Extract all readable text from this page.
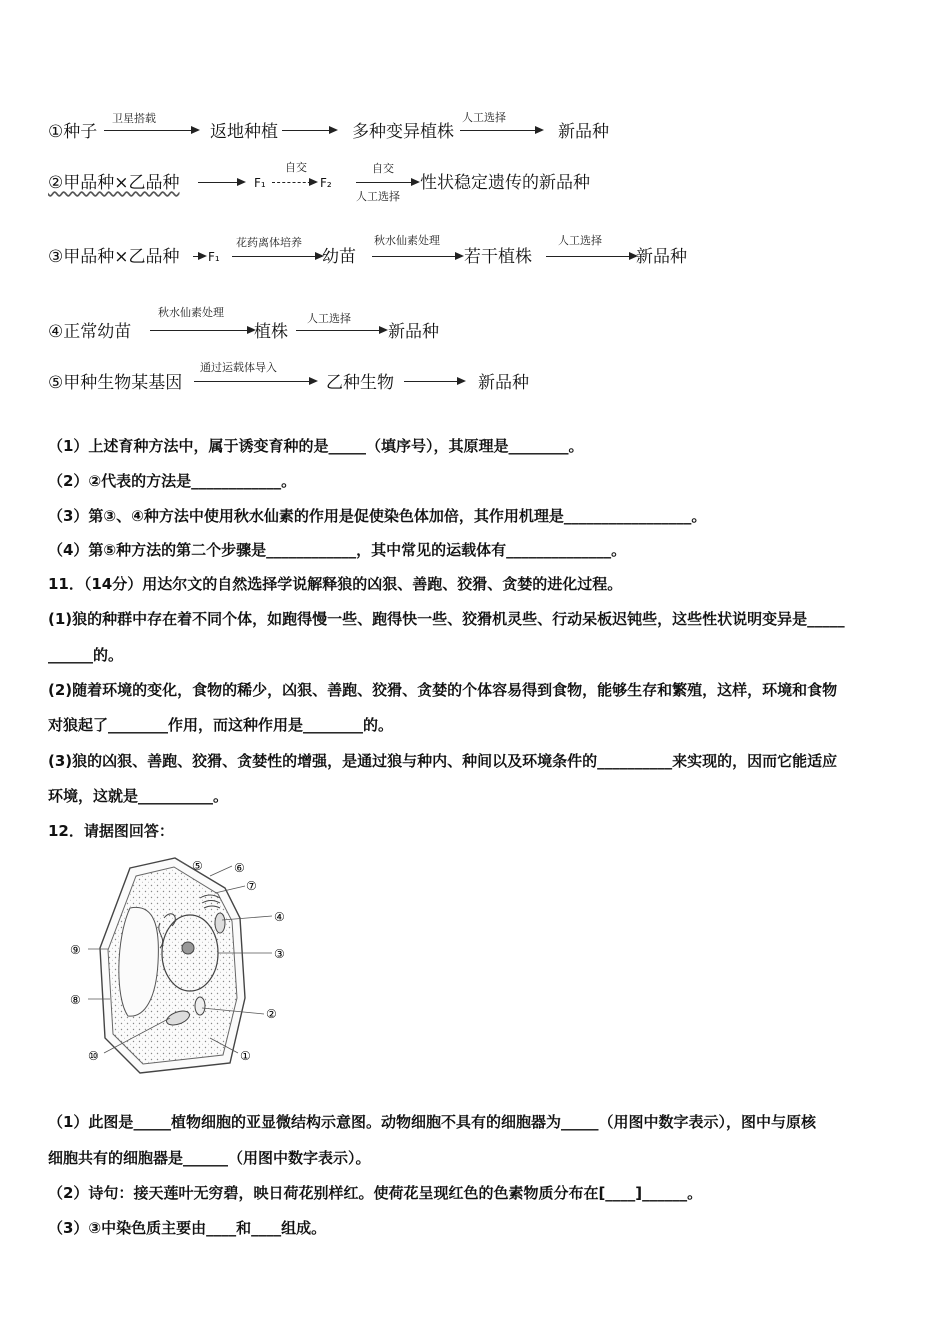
①种子
卫星搭载
返地种植	多种变异植株
人工选择
新品种
②甲品种×乙品种	F₁
自交
F₂
自交
人工选择
性状稳定遗传的新品种
③甲品种×乙品种 F₁
花药离体培养
幼苗
秋水仙素处理
若干植株
人工选择
新品种
④正常幼苗
秋水仙素处理
植株
人工选择
新品种
⑤甲种生物某基因
通过运载体导入
乙种生物	新品种
（1）上述育种方法中，属于诱变育种的是_____（填序号），其原理是________。
（2）②代表的方法是____________。
（3）第③、④种方法中使用秋水仙素的作用是促使染色体加倍，其作用机理是_________________。
（4）第⑤种方法的第二个步骤是____________，其中常见的运载体有______________。
11．（14分）用达尔文的自然选择学说解释狼的凶狠、善跑、狡猾、贪婪的进化过程。
(1)狼的种群中存在着不同个体，如跑得慢一些、跑得快一些、狡猾机灵些、行动呆板迟钝些，这些性状说明变异是_____
______的。
(2)随着环境的变化，食物的稀少，凶狠、善跑、狡猾、贪婪的个体容易得到食物，能够生存和繁殖，这样，环境和食物
对狼起了________作用，而这种作用是________的。
(3)狼的凶狠、善跑、狡猾、贪婪性的增强，是通过狼与种内、种间以及环境条件的__________来实现的，因而它能适应
环境，这就是__________。
12．请据图回答：
⑤	⑥
⑦
④
③
②
①
⑨
⑧
⑩
（1）此图是_____植物细胞的亚显微结构示意图。动物细胞不具有的细胞器为_____（用图中数字表示），图中与原核
细胞共有的细胞器是______（用图中数字表示）。
（2）诗句：接天莲叶无穷碧，映日荷花别样红。使荷花呈现红色的色素物质分布在[____]______。
（3）③中染色质主要由____和____组成。
